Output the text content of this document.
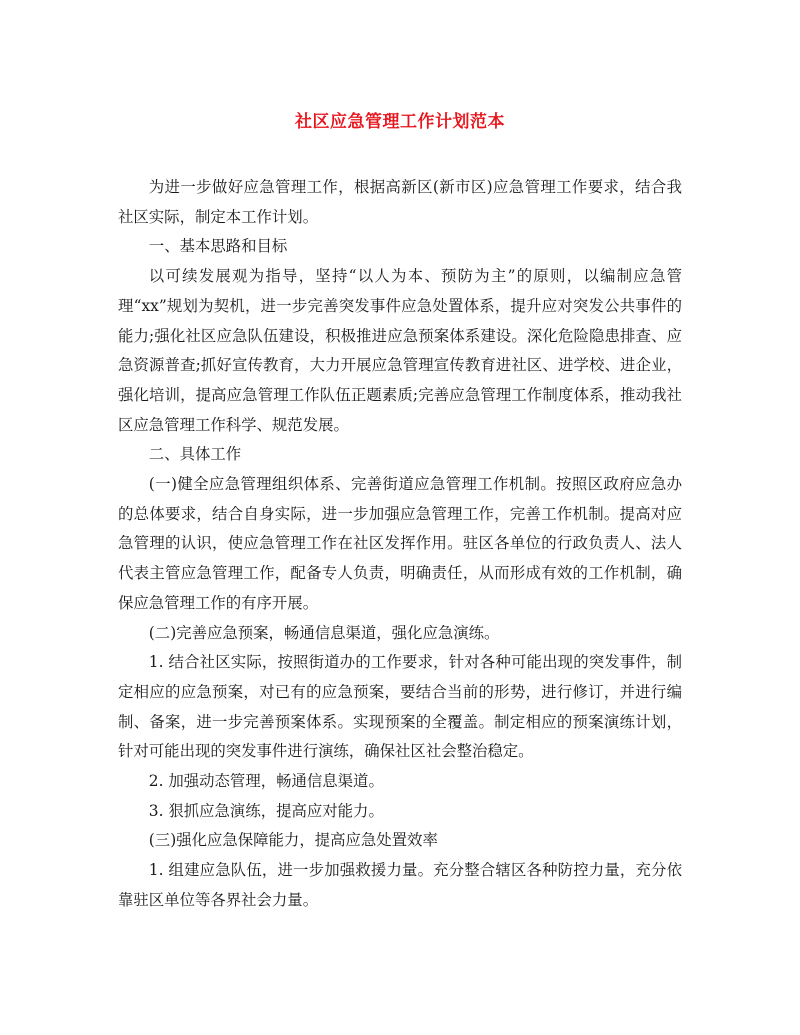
社区应急管理工作计划范本

为进一步做好应急管理工作，根据高新区(新市区)应急管理工作要求，结合我社区实际，制定本工作计划。

一、基本思路和目标

以可续发展观为指导，坚持“以人为本、预防为主”的原则，以编制应急管理“xx”规划为契机，进一步完善突发事件应急处置体系，提升应对突发公共事件的能力;强化社区应急队伍建设，积极推进应急预案体系建设。深化危险隐患排查、应急资源普查;抓好宣传教育，大力开展应急管理宣传教育进社区、进学校、进企业，强化培训，提高应急管理工作队伍正题素质;完善应急管理工作制度体系，推动我社区应急管理工作科学、规范发展。

二、具体工作

(一)健全应急管理组织体系、完善街道应急管理工作机制。按照区政府应急办的总体要求，结合自身实际，进一步加强应急管理工作，完善工作机制。提高对应急管理的认识，使应急管理工作在社区发挥作用。驻区各单位的行政负责人、法人代表主管应急管理工作，配备专人负责，明确责任，从而形成有效的工作机制，确保应急管理工作的有序开展。

(二)完善应急预案，畅通信息渠道，强化应急演练。

1. 结合社区实际，按照街道办的工作要求，针对各种可能出现的突发事件，制定相应的应急预案，对已有的应急预案，要结合当前的形势，进行修订，并进行编制、备案，进一步完善预案体系。实现预案的全覆盖。制定相应的预案演练计划，针对可能出现的突发事件进行演练，确保社区社会整治稳定。

2. 加强动态管理，畅通信息渠道。

3. 狠抓应急演练，提高应对能力。

(三)强化应急保障能力，提高应急处置效率

1. 组建应急队伍，进一步加强救援力量。充分整合辖区各种防控力量，充分依靠驻区单位等各界社会力量。
